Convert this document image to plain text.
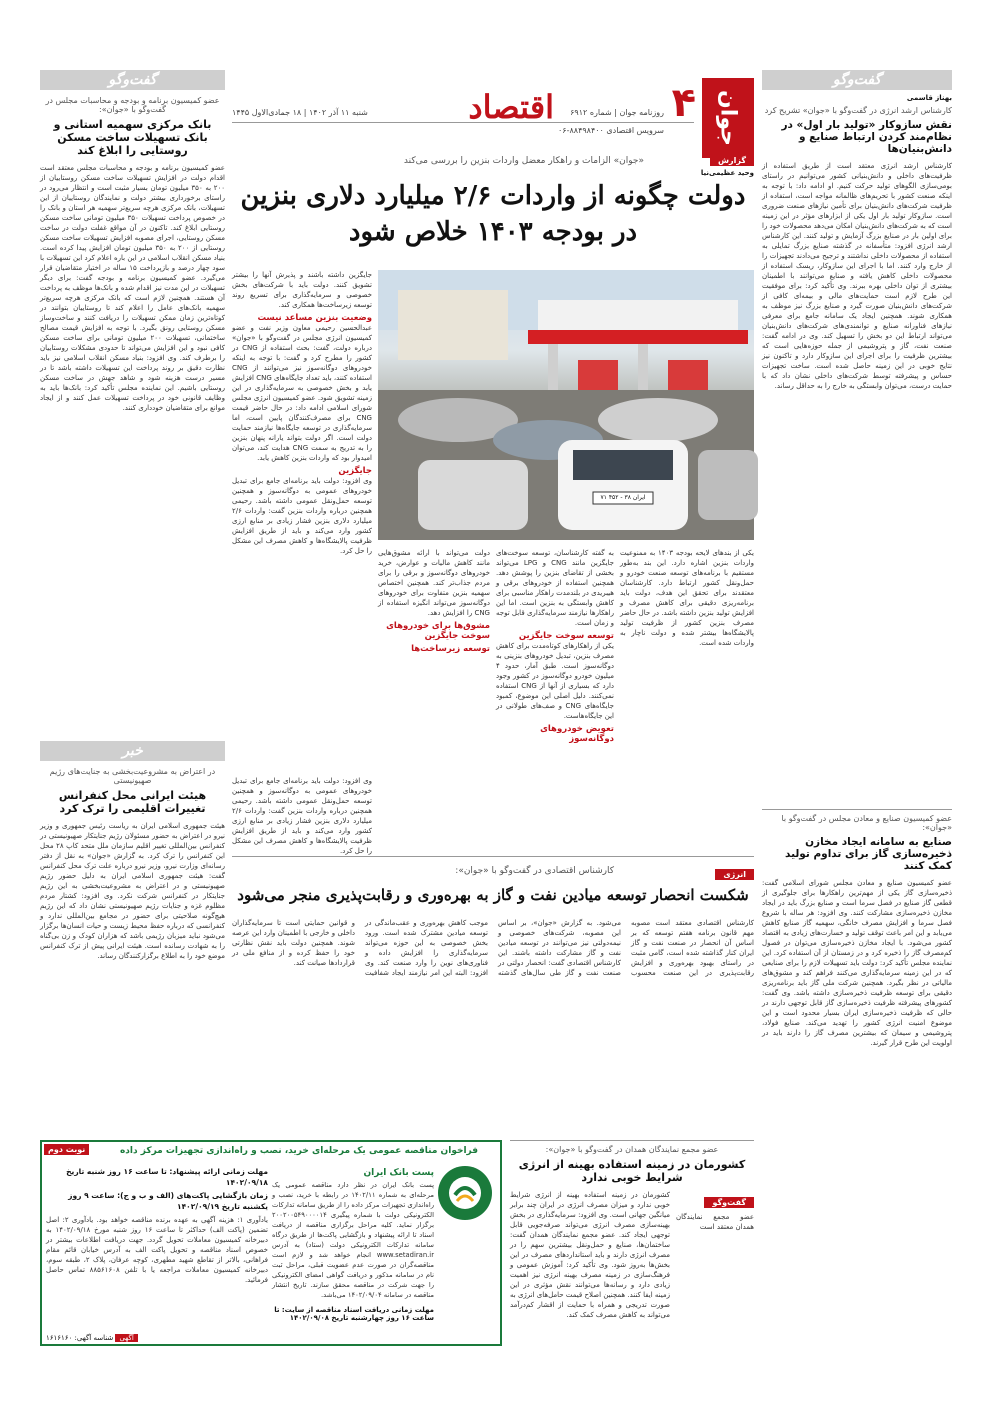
جوان
۴
اقتصاد روزنامه جوان | شماره ۶۹۱۲
شنبه ۱۱ آذر ۱۴۰۲ | ۱۸ جمادی‌الاول ۱۴۴۵
سرویس اقتصادی ۸۸۴۹۸۴۰۰-۰۶
گزارش
وحید عظیمی‌نیا
«جوان» الزامات و راهکار معضل واردات بنزین را بررسی می‌کند
دولت چگونه از واردات ۲/۶ میلیارد دلاری بنزین
در بودجه ۱۴۰۳ خلاص شود
ایران ۳۸ - ۴۵۲ ۷۱
جایگزین داشته باشند و پذیرش آنها را بیشتر تشویق کنند. دولت باید با شرکت‌های بخش خصوصی و سرمایه‌گذاری برای تسریع روند توسعه زیرساخت‌ها همکاری کند.
وضعیت بنزین مساعد نیست
عبدالحسین رحیمی معاون وزیر نفت و عضو کمیسیون انرژی مجلس در گفت‌وگو با «جوان» درباره دولت، گفت: بحث استفاده از CNG در کشور را مطرح کرد و گفت: با توجه به اینکه خودروهای دوگانه‌سوز نیز می‌توانند از CNG استفاده کنند، باید تعداد جایگاه‌های CNG افزایش یابد و بخش خصوصی به سرمایه‌گذاری در این زمینه تشویق شود. عضو کمیسیون انرژی مجلس شورای اسلامی ادامه داد: در حال حاضر قیمت CNG برای مصرف‌کنندگان پایین است، اما سرمایه‌گذاری در توسعه جایگاه‌ها نیازمند حمایت دولت است. اگر دولت بتواند یارانه پنهان بنزین را به تدریج به سمت CNG هدایت کند، می‌توان امیدوار بود که واردات بنزین کاهش یابد.
جایگزین
وی افزود: دولت باید برنامه‌ای جامع برای تبدیل خودروهای عمومی به دوگانه‌سوز و همچنین توسعه حمل‌ونقل عمومی داشته باشد. رحیمی همچنین درباره واردات بنزین گفت: واردات ۲/۶ میلیارد دلاری بنزین فشار زیادی بر منابع ارزی کشور وارد می‌کند و باید از طریق افزایش ظرفیت پالایشگاه‌ها و کاهش مصرف این مشکل را حل کرد.	یکی از بندهای لایحه بودجه ۱۴۰۳ به ممنوعیت واردات بنزین اشاره دارد. این بند به‌طور مستقیم با برنامه‌های توسعه صنعت خودرو و حمل‌ونقل کشور ارتباط دارد. کارشناسان معتقدند برای تحقق این هدف، دولت باید برنامه‌ریزی دقیقی برای کاهش مصرف و افزایش تولید بنزین داشته باشد. در حال حاضر مصرف بنزین کشور از ظرفیت تولید پالایشگاه‌ها بیشتر شده و دولت ناچار به واردات شده است.
به گفته کارشناسان، توسعه سوخت‌های جایگزین مانند CNG و LPG می‌تواند بخشی از تقاضای بنزین را پوشش دهد. همچنین استفاده از خودروهای برقی و هیبریدی در بلندمدت راهکار مناسبی برای کاهش وابستگی به بنزین است. اما این راهکارها نیازمند سرمایه‌گذاری قابل توجه و زمان است.
توسعه سوخت جایگزین
یکی از راهکارهای کوتاه‌مدت برای کاهش مصرف بنزین، تبدیل خودروهای بنزینی به دوگانه‌سوز است. طبق آمار، حدود ۴ میلیون خودرو دوگانه‌سوز در کشور وجود دارد که بسیاری از آنها از CNG استفاده نمی‌کنند. دلیل اصلی این موضوع، کمبود جایگاه‌های CNG و صف‌های طولانی در این جایگاه‌هاست.
تعویض خودروهای دوگانه‌سوز
دولت می‌تواند با ارائه مشوق‌هایی مانند کاهش مالیات و عوارض، خرید خودروهای دوگانه‌سوز و برقی را برای مردم جذاب‌تر کند. همچنین اختصاص سهمیه بنزین متفاوت برای خودروهای دوگانه‌سوز می‌تواند انگیزه استفاده از CNG را افزایش دهد.
مشوق‌ها برای خودروهای سوخت جایگزین
توسعه زیرساخت‌ها
وی افزود: دولت باید برنامه‌ای جامع برای تبدیل خودروهای عمومی به دوگانه‌سوز و همچنین توسعه حمل‌ونقل عمومی داشته باشد. رحیمی همچنین درباره واردات بنزین گفت: واردات ۲/۶ میلیارد دلاری بنزین فشار زیادی بر منابع ارزی کشور وارد می‌کند و باید از طریق افزایش ظرفیت پالایشگاه‌ها و کاهش مصرف این مشکل را حل کرد.
انرژی
کارشناس اقتصادی در گفت‌وگو با «جوان»:
شکست انحصار توسعه میادین نفت و گاز به بهره‌وری و رقابت‌پذیری منجر می‌شود
کارشناس اقتصادی معتقد است مصوبه مهم قانون برنامه هفتم توسعه که بر اساس آن انحصار در صنعت نفت و گاز ایران کنار گذاشته شده است، گامی مثبت در راستای بهبود بهره‌وری و افزایش رقابت‌پذیری در این صنعت محسوب می‌شود. به گزارش «جوان»، بر اساس این مصوبه، شرکت‌های خصوصی و نیمه‌دولتی نیز می‌توانند در توسعه میادین نفت و گاز مشارکت داشته باشند. این کارشناس اقتصادی گفت: انحصار دولتی در صنعت نفت و گاز طی سال‌های گذشته موجب کاهش بهره‌وری و عقب‌ماندگی در توسعه میادین مشترک شده است. ورود بخش خصوصی به این حوزه می‌تواند سرمایه‌گذاری را افزایش داده و فناوری‌های نوین را وارد صنعت کند. وی افزود: البته این امر نیازمند ایجاد شفافیت و قوانین حمایتی است تا سرمایه‌گذاران داخلی و خارجی با اطمینان وارد این عرصه شوند. همچنین دولت باید نقش نظارتی خود را حفظ کرده و از منافع ملی در قراردادها صیانت کند.
عضو مجمع نمایندگان همدان در گفت‌وگو با «جوان»:
کشورمان در زمینه استفاده بهینه از انرژی شرایط خوبی ندارد
گفت‌وگو
عضو مجمع نمایندگان همدان معتقد است
کشورمان در زمینه استفاده بهینه از انرژی شرایط خوبی ندارد و میزان مصرف انرژی در ایران چند برابر میانگین جهانی است. وی افزود: سرمایه‌گذاری در بخش بهینه‌سازی مصرف انرژی می‌تواند صرفه‌جویی قابل توجهی ایجاد کند. عضو مجمع نمایندگان همدان گفت: ساختمان‌ها، صنایع و حمل‌ونقل بیشترین سهم را در مصرف انرژی دارند و باید استانداردهای مصرف در این بخش‌ها به‌روز شود. وی تأکید کرد: آموزش عمومی و فرهنگ‌سازی در زمینه مصرف بهینه انرژی نیز اهمیت زیادی دارد و رسانه‌ها می‌توانند نقش مؤثری در این زمینه ایفا کنند. همچنین اصلاح قیمت حامل‌های انرژی به صورت تدریجی و همراه با حمایت از اقشار کم‌درآمد می‌تواند به کاهش مصرف کمک کند.
نوبت دوم	فراخوان مناقصه عمومی یک مرحله‌ای خرید، نصب و راه‌اندازی تجهیزات مرکز داده
پست بانک ایران
پست بانک ایران در نظر دارد مناقصه عمومی یک مرحله‌ای به شماره ۱۴۰۲/۱۱ در رابطه با خرید، نصب و راه‌اندازی تجهیزات مرکز داده را از طریق سامانه تدارکات الکترونیکی دولت با شماره پیگیری ۲۰۰۲۰۰۵۴۹۰۰۰۰۱۴ برگزار نماید. کلیه مراحل برگزاری مناقصه از دریافت اسناد تا ارائه پیشنهاد و بازگشایی پاکت‌ها از طریق درگاه سامانه تدارکات الکترونیکی دولت (ستاد) به آدرس www.setadiran.ir انجام خواهد شد و لازم است مناقصه‌گران در صورت عدم عضویت قبلی، مراحل ثبت نام در سامانه مذکور و دریافت گواهی امضای الکترونیکی را جهت شرکت در مناقصه محقق سازند. تاریخ انتشار مناقصه در سامانه ۱۴۰۲/۰۹/۰۴ می‌باشد.
مهلت زمانی دریافت اسناد مناقصه از سایت: تا ساعت ۱۶ روز چهارشنبه تاریخ ۱۴۰۲/۰۹/۰۸
مهلت زمانی ارائه پیشنهاد: تا ساعت ۱۶ روز شنبه تاریخ ۱۴۰۲/۰۹/۱۸
زمان بازگشایی پاکت‌های (الف و ب و ج): ساعت ۹ روز یکشنبه تاریخ ۱۴۰۲/۰۹/۱۹
یادآوری ۱: هزینه آگهی به عهده برنده مناقصه خواهد بود. یادآوری ۲: اصل تضمین (پاکت الف) حداکثر تا ساعت ۱۶ روز شنبه مورخ ۱۴۰۲/۰۹/۱۸ به دبیرخانه کمیسیون معاملات تحویل گردد. جهت دریافت اطلاعات بیشتر در خصوص اسناد مناقصه و تحویل پاکت الف به آدرس خیابان قائم مقام فراهانی، بالاتر از تقاطع شهید مطهری، کوچه عرفان، پلاک ۲، طبقه سوم، دبیرخانه کمیسیون معاملات مراجعه یا با تلفن ۸۸۵۶۱۶۰۸ تماس حاصل فرمائید.
آگهی شناسه آگهی: ۱۶۱۶۱۶۰
گفت‌وگو
عضو کمیسیون برنامه و بودجه و محاسبات مجلس در گفت‌وگو با «جوان»:
بانک مرکزی سهمیه استانی و بانک تسهیلات ساخت مسکن روستایی را ابلاغ کند
عضو کمیسیون برنامه و بودجه و محاسبات مجلس معتقد است اقدام دولت در افزایش تسهیلات ساخت مسکن روستاییان از ۲۰۰ به ۳۵۰ میلیون تومان بسیار مثبت است و انتظار می‌رود در راستای برخورداری بیشتر دولت و نمایندگان روستاییان از این تسهیلات، بانک مرکزی هرچه سریع‌تر سهمیه هر استان و بانک را در خصوص پرداخت تسهیلات ۳۵۰ میلیون تومانی ساخت مسکن روستایی ابلاغ کند. تاکنون در آن مواقع غفلت دولت در ساخت مسکن روستایی، اجرای مصوبه افزایش تسهیلات ساخت مسکن روستایی از ۲۰۰ به ۳۵۰ میلیون تومان افزایش پیدا کرده است. بنیاد مسکن انقلاب اسلامی در این باره اعلام کرد این تسهیلات با سود چهار درصد و بازپرداخت ۱۵ ساله در اختیار متقاضیان قرار می‌گیرد. عضو کمیسیون برنامه و بودجه گفت: برای دیگر تسهیلات در این مدت نیز اقدام شده و بانک‌ها موظف به پرداخت آن هستند. همچنین لازم است که بانک مرکزی هرچه سریع‌تر سهمیه بانک‌های عامل را اعلام کند تا روستاییان بتوانند در کوتاه‌ترین زمان ممکن تسهیلات را دریافت کنند و ساخت‌وساز مسکن روستایی رونق بگیرد. با توجه به افزایش قیمت مصالح ساختمانی، تسهیلات ۲۰۰ میلیون تومانی برای ساخت مسکن کافی نبود و این افزایش می‌تواند تا حدودی مشکلات روستاییان را برطرف کند. وی افزود: بنیاد مسکن انقلاب اسلامی نیز باید نظارت دقیق بر روند پرداخت این تسهیلات داشته باشد تا در مسیر درست هزینه شود و شاهد جهش در ساخت مسکن روستایی باشیم. این نماینده مجلس تأکید کرد: بانک‌ها باید به وظایف قانونی خود در پرداخت تسهیلات عمل کنند و از ایجاد موانع برای متقاضیان خودداری کنند.
خبر
در اعتراض به مشروعیت‌بخشی به جنایت‌های رژیم صهیونیستی
هیئت ایرانی محل کنفرانس تغییرات اقلیمی را ترک کرد
هیئت جمهوری اسلامی ایران به ریاست رئیس جمهوری و وزیر نیرو در اعتراض به حضور مسئولان رژیم جنایتکار صهیونیستی در کنفرانس بین‌المللی تغییر اقلیم سازمان ملل متحد کاپ ۲۸ محل این کنفرانس را ترک کرد. به گزارش «جوان» به نقل از دفتر رسانه‌ای وزارت نیرو، وزیر نیرو درباره علت ترک محل کنفرانس گفت: هیئت جمهوری اسلامی ایران به دلیل حضور رژیم صهیونیستی و در اعتراض به مشروعیت‌بخشی به این رژیم جنایتکار در کنفرانس شرکت نکرد. وی افزود: کشتار مردم مظلوم غزه و جنایات رژیم صهیونیستی نشان داد که این رژیم هیچ‌گونه صلاحیتی برای حضور در مجامع بین‌المللی ندارد و کنفرانسی که درباره حفظ محیط زیست و حیات انسان‌ها برگزار می‌شود نباید میزبان رژیمی باشد که هزاران کودک و زن بی‌گناه را به شهادت رسانده است. هیئت ایرانی پیش از ترک کنفرانس موضع خود را به اطلاع برگزارکنندگان رساند.
گفت‌وگو
بهناز قاسمی
کارشناس ارشد انرژی در گفت‌وگو با «جوان» تشریح کرد
نقش سازوکار «تولید بار اول» در نظام‌مند کردن ارتباط صنایع و دانش‌بنیان‌ها
کارشناس ارشد انرژی معتقد است از طریق استفاده از ظرفیت‌های داخلی و دانش‌بنیانی کشور می‌توانیم در راستای بومی‌سازی الگوهای تولید حرکت کنیم. او ادامه داد: با توجه به اینکه صنعت کشور با تحریم‌های ظالمانه مواجه است، استفاده از ظرفیت شرکت‌های دانش‌بنیان برای تأمین نیازهای صنعت ضروری است. سازوکار تولید بار اول یکی از ابزارهای مؤثر در این زمینه است که به شرکت‌های دانش‌بنیان امکان می‌دهد محصولات خود را برای اولین بار در صنایع بزرگ آزمایش و تولید کنند. این کارشناس ارشد انرژی افزود: متأسفانه در گذشته صنایع بزرگ تمایلی به استفاده از محصولات داخلی نداشتند و ترجیح می‌دادند تجهیزات را از خارج وارد کنند. اما با اجرای این سازوکار، ریسک استفاده از محصولات داخلی کاهش یافته و صنایع می‌توانند با اطمینان بیشتری از توان داخلی بهره ببرند. وی تأکید کرد: برای موفقیت این طرح لازم است حمایت‌های مالی و بیمه‌ای کافی از شرکت‌های دانش‌بنیان صورت گیرد و صنایع بزرگ نیز موظف به همکاری شوند. همچنین ایجاد یک سامانه جامع برای معرفی نیازهای فناورانه صنایع و توانمندی‌های شرکت‌های دانش‌بنیان می‌تواند ارتباط این دو بخش را تسهیل کند. وی در ادامه گفت: صنعت نفت، گاز و پتروشیمی از جمله حوزه‌هایی است که بیشترین ظرفیت را برای اجرای این سازوکار دارد و تاکنون نیز نتایج خوبی در این زمینه حاصل شده است. ساخت تجهیزات حساس و پیشرفته توسط شرکت‌های داخلی نشان داد که با حمایت درست، می‌توان وابستگی به خارج را به حداقل رساند.
عضو کمیسیون صنایع و معادن مجلس در گفت‌وگو با «جوان»:
صنایع به سامانه ایجاد مخازن ذخیره‌سازی گاز برای تداوم تولید کمک کنند
عضو کمیسیون صنایع و معادن مجلس شورای اسلامی گفت: ذخیره‌سازی گاز یکی از مهم‌ترین راهکارها برای جلوگیری از قطعی گاز صنایع در فصل سرما است و صنایع بزرگ باید در ایجاد مخازن ذخیره‌سازی مشارکت کنند. وی افزود: هر ساله با شروع فصل سرما و افزایش مصرف خانگی، سهمیه گاز صنایع کاهش می‌یابد و این امر باعث توقف تولید و خسارت‌های زیادی به اقتصاد کشور می‌شود. با ایجاد مخازن ذخیره‌سازی می‌توان در فصول کم‌مصرف گاز را ذخیره کرد و در زمستان از آن استفاده کرد. این نماینده مجلس تأکید کرد: دولت باید تسهیلات لازم را برای صنایعی که در این زمینه سرمایه‌گذاری می‌کنند فراهم کند و مشوق‌های مالیاتی در نظر بگیرد. همچنین شرکت ملی گاز باید برنامه‌ریزی دقیقی برای توسعه ظرفیت ذخیره‌سازی داشته باشد. وی گفت: کشورهای پیشرفته ظرفیت ذخیره‌سازی گاز قابل توجهی دارند در حالی که ظرفیت ذخیره‌سازی ایران بسیار محدود است و این موضوع امنیت انرژی کشور را تهدید می‌کند. صنایع فولاد، پتروشیمی و سیمان که بیشترین مصرف گاز را دارند باید در اولویت این طرح قرار گیرند.
